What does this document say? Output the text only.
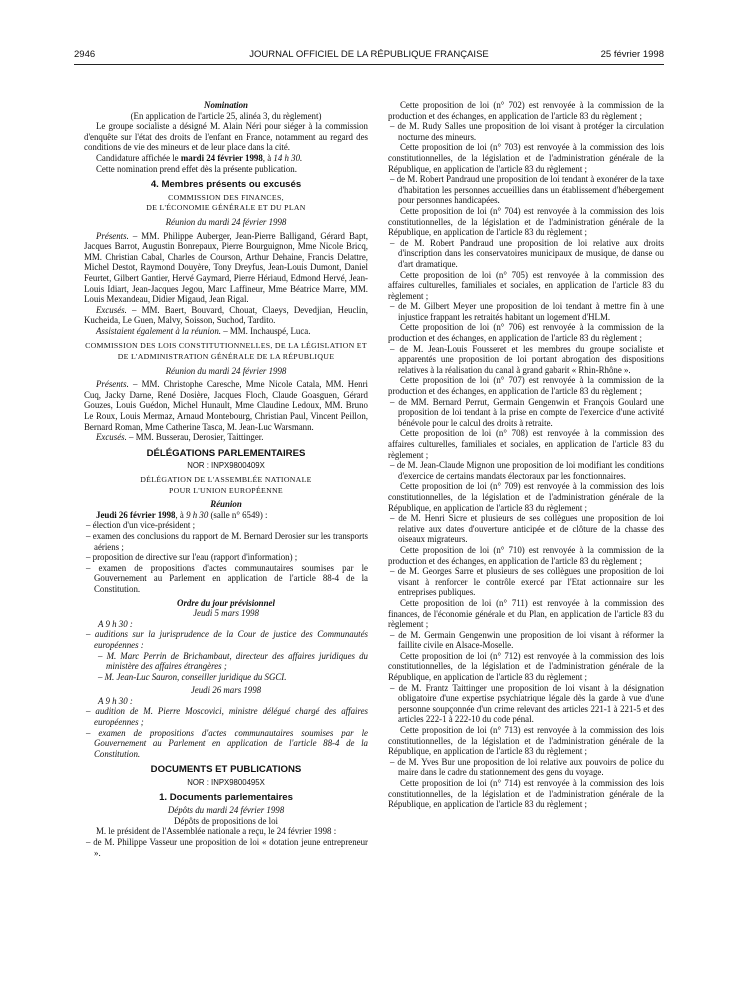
2946	JOURNAL OFFICIEL DE LA RÉPUBLIQUE FRANÇAISE	25 février 1998

Nomination

(En application de l'article 25, alinéa 3, du règlement)

Le groupe socialiste a désigné M. Alain Néri pour siéger à la commission d'enquête sur l'état des droits de l'enfant en France, notamment au regard des conditions de vie des mineurs et de leur place dans la cité.

Candidature affichée le mardi 24 février 1998, à 14 h 30.

Cette nomination prend effet dès la présente publication.

4. Membres présents ou excusés

COMMISSION DES FINANCES,

DE L'ÉCONOMIE GÉNÉRALE ET DU PLAN

Réunion du mardi 24 février 1998

Présents. – MM. Philippe Auberger, Jean-Pierre Balligand, Gérard Bapt, Jacques Barrot, Augustin Bonrepaux, Pierre Bourguignon, Mme Nicole Bricq, MM. Christian Cabal, Charles de Courson, Arthur Dehaine, Francis Delattre, Michel Destot, Raymond Douyère, Tony Dreyfus, Jean-Louis Dumont, Daniel Feurtet, Gilbert Gantier, Hervé Gaymard, Pierre Hériaud, Edmond Hervé, Jean-Louis Idiart, Jean-Jacques Jegou, Marc Laffineur, Mme Béatrice Marre, MM. Louis Mexandeau, Didier Migaud, Jean Rigal.

Excusés. – MM. Baert, Bouvard, Chouat, Claeys, Devedjian, Heuclin, Kucheida, Le Guen, Malvy, Soisson, Suchod, Tardito.

Assistaient également à la réunion. – MM. Inchauspé, Luca.

COMMISSION DES LOIS CONSTITUTIONNELLES, DE LA LÉGISLATION ET DE L'ADMINISTRATION GÉNÉRALE DE LA RÉPUBLIQUE

Réunion du mardi 24 février 1998

Présents. – MM. Christophe Caresche, Mme Nicole Catala, MM. Henri Cuq, Jacky Darne, René Dosière, Jacques Floch, Claude Goasguen, Gérard Gouzes, Louis Guédon, Michel Hunault, Mme Claudine Ledoux, MM. Bruno Le Roux, Louis Mermaz, Arnaud Montebourg, Christian Paul, Vincent Peillon, Bernard Roman, Mme Catherine Tasca, M. Jean-Luc Warsmann.

Excusés. – MM. Busserau, Derosier, Taittinger.

DÉLÉGATIONS PARLEMENTAIRES

NOR : INPX9800409X

DÉLÉGATION DE L'ASSEMBLÉE NATIONALE

POUR L'UNION EUROPÉENNE

Réunion

Jeudi 26 février 1998, à 9 h 30 (salle n° 6549) :

– élection d'un vice-président ;

– examen des conclusions du rapport de M. Bernard Derosier sur les transports aériens ;

– proposition de directive sur l'eau (rapport d'information) ;

– examen de propositions d'actes communautaires soumises par le Gouvernement au Parlement en application de l'article 88-4 de la Constitution.

Ordre du jour prévisionnel

Jeudi 5 mars 1998

A 9 h 30 :

– auditions sur la jurisprudence de la Cour de justice des Communautés européennes :

– M. Marc Perrin de Brichambaut, directeur des affaires juridiques du ministère des affaires étrangères ;

– M. Jean-Luc Sauron, conseiller juridique du SGCI.

Jeudi 26 mars 1998

A 9 h 30 :

– audition de M. Pierre Moscovici, ministre délégué chargé des affaires européennes ;

– examen de propositions d'actes communautaires soumises par le Gouvernement au Parlement en application de l'article 88-4 de la Constitution.

DOCUMENTS ET PUBLICATIONS

NOR : INPX9800495X

1. Documents parlementaires

Dépôts du mardi 24 février 1998

Dépôts de propositions de loi

M. le président de l'Assemblée nationale a reçu, le 24 février 1998 :

– de M. Philippe Vasseur une proposition de loi « dotation jeune entrepreneur ».

Cette proposition de loi (n° 702) est renvoyée à la commission de la production et des échanges, en application de l'article 83 du règlement ;

– de M. Rudy Salles une proposition de loi visant à protéger la circulation nocturne des mineurs.

Cette proposition de loi (n° 703) est renvoyée à la commission des lois constitutionnelles, de la législation et de l'administration générale de la République, en application de l'article 83 du règlement ;

– de M. Robert Pandraud une proposition de loi tendant à exonérer de la taxe d'habitation les personnes accueillies dans un établissement d'hébergement pour personnes handicapées.

Cette proposition de loi (n° 704) est renvoyée à la commission des lois constitutionnelles, de la législation et de l'administration générale de la République, en application de l'article 83 du règlement ;

– de M. Robert Pandraud une proposition de loi relative aux droits d'inscription dans les conservatoires municipaux de musique, de danse ou d'art dramatique.

Cette proposition de loi (n° 705) est renvoyée à la commission des affaires culturelles, familiales et sociales, en application de l'article 83 du règlement ;

– de M. Gilbert Meyer une proposition de loi tendant à mettre fin à une injustice frappant les retraités habitant un logement d'HLM.

Cette proposition de loi (n° 706) est renvoyée à la commission de la production et des échanges, en application de l'article 83 du règlement ;

– de M. Jean-Louis Fousseret et les membres du groupe socialiste et apparentés une proposition de loi portant abrogation des dispositions relatives à la réalisation du canal à grand gabarit « Rhin-Rhône ».

Cette proposition de loi (n° 707) est renvoyée à la commission de la production et des échanges, en application de l'article 83 du règlement ;

– de MM. Bernard Perrut, Germain Gengenwin et François Goulard une proposition de loi tendant à la prise en compte de l'exercice d'une activité bénévole pour le calcul des droits à retraite.

Cette proposition de loi (n° 708) est renvoyée à la commission des affaires culturelles, familiales et sociales, en application de l'article 83 du règlement ;

– de M. Jean-Claude Mignon une proposition de loi modifiant les conditions d'exercice de certains mandats électoraux par les fonctionnaires.

Cette proposition de loi (n° 709) est renvoyée à la commission des lois constitutionnelles, de la législation et de l'administration générale de la République, en application de l'article 83 du règlement ;

– de M. Henri Sicre et plusieurs de ses collègues une proposition de loi relative aux dates d'ouverture anticipée et de clôture de la chasse des oiseaux migrateurs.

Cette proposition de loi (n° 710) est renvoyée à la commission de la production et des échanges, en application de l'article 83 du règlement ;

– de M. Georges Sarre et plusieurs de ses collègues une proposition de loi visant à renforcer le contrôle exercé par l'Etat actionnaire sur les entreprises publiques.

Cette proposition de loi (n° 711) est renvoyée à la commission des finances, de l'économie générale et du Plan, en application de l'article 83 du règlement ;

– de M. Germain Gengenwin une proposition de loi visant à réformer la faillite civile en Alsace-Moselle.

Cette proposition de loi (n° 712) est renvoyée à la commission des lois constitutionnelles, de la législation et de l'administration générale de la République, en application de l'article 83 du règlement ;

– de M. Frantz Taittinger une proposition de loi visant à la désignation obligatoire d'une expertise psychiatrique légale dès la garde à vue d'une personne soupçonnée d'un crime relevant des articles 221-1 à 221-5 et des articles 222-1 à 222-10 du code pénal.

Cette proposition de loi (n° 713) est renvoyée à la commission des lois constitutionnelles, de la législation et de l'administration générale de la République, en application de l'article 83 du règlement ;

– de M. Yves Bur une proposition de loi relative aux pouvoirs de police du maire dans le cadre du stationnement des gens du voyage.

Cette proposition de loi (n° 714) est renvoyée à la commission des lois constitutionnelles, de la législation et de l'administration générale de la République, en application de l'article 83 du règlement ;
